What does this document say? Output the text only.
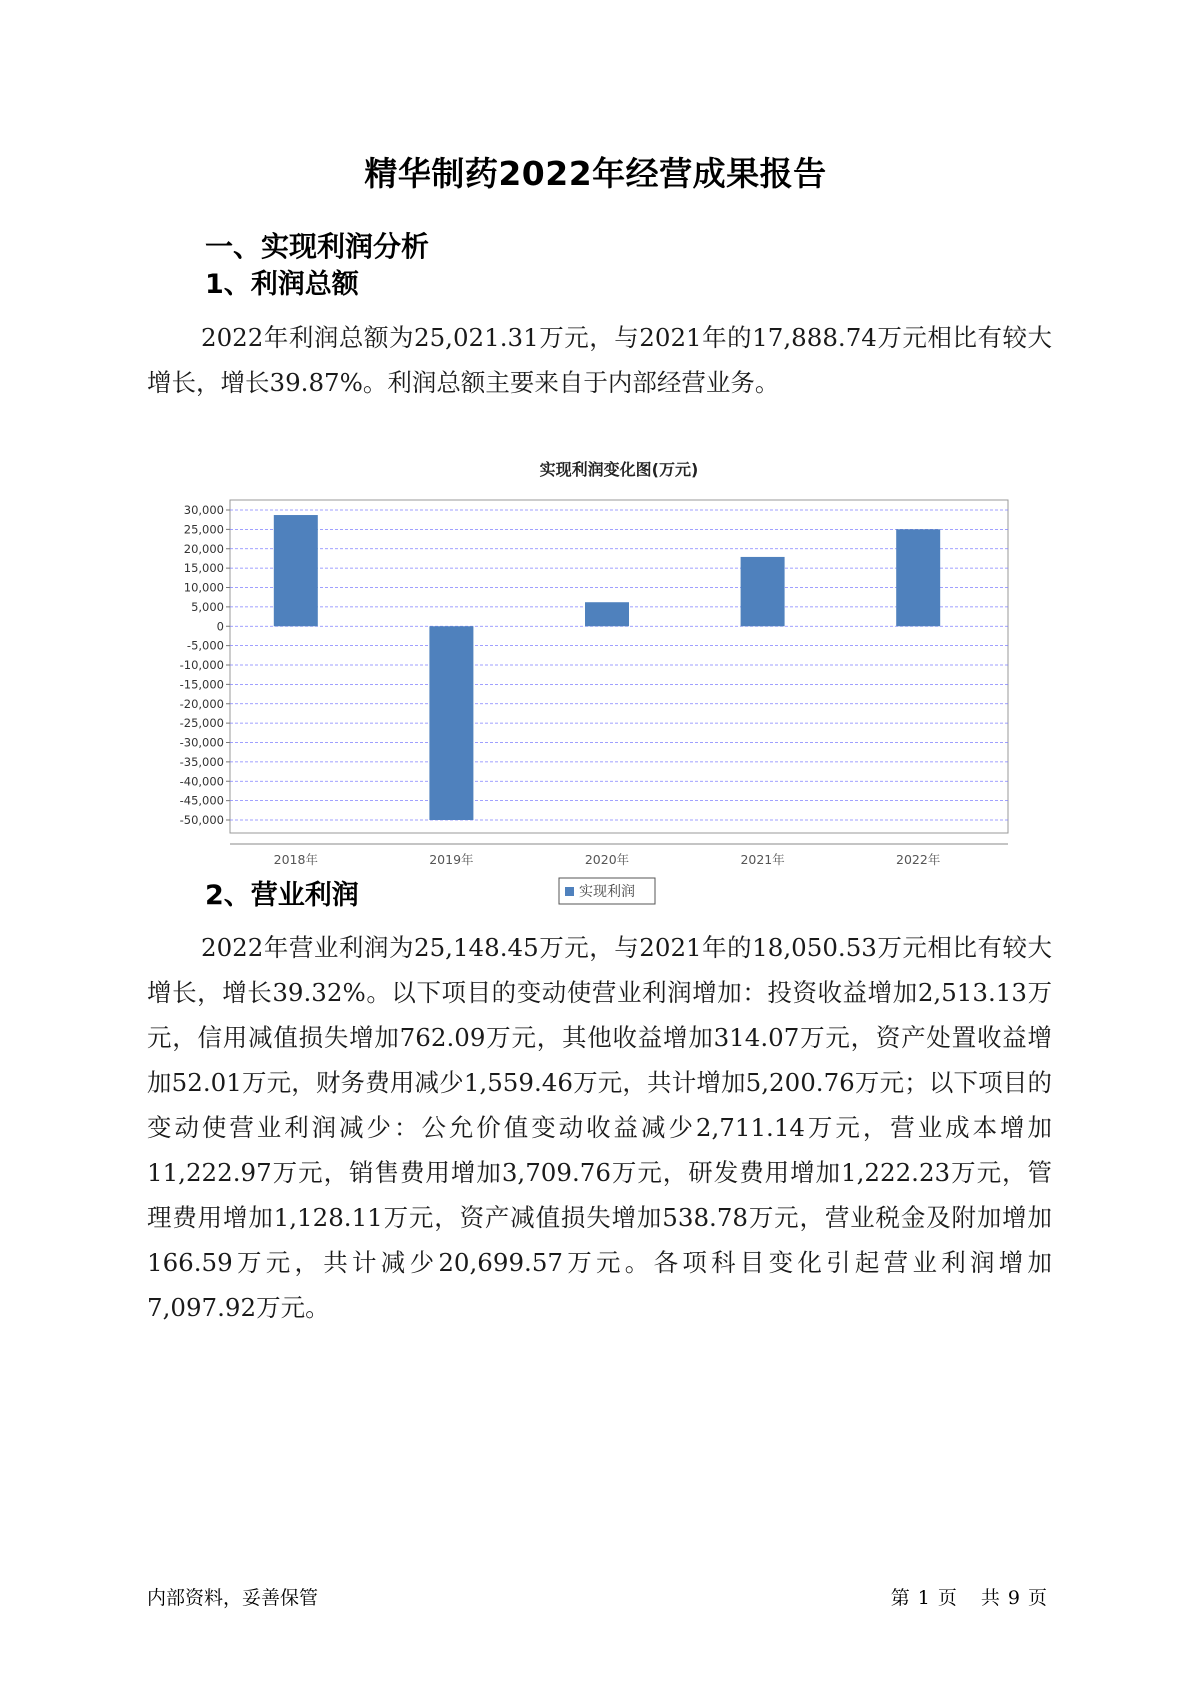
精华制药2022年经营成果报告
一、实现利润分析
1、利润总额
2022年利润总额为25,021.31万元，与2021年的17,888.74万元相比有较大增长，增长39.87%。利润总额主要来自于内部经营业务。
实现利润变化图(万元)
30,000
25,000
20,000
15,000
10,000
5,000
0
-5,000
-10,000
-15,000
-20,000
-25,000
-30,000
-35,000
-40,000
-45,000
-50,000
2018年	2019年	2020年	2021年	2022年
实现利润
2、营业利润
2022年营业利润为25,148.45万元，与2021年的18,050.53万元相比有较大增长，增长39.32%。以下项目的变动使营业利润增加：投资收益增加2,513.13万元，信用减值损失增加762.09万元，其他收益增加314.07万元，资产处置收益增加52.01万元，财务费用减少1,559.46万元，共计增加5,200.76万元；以下项目的变动使营业利润减少：公允价值变动收益减少2,711.14万元，营业成本增加11,222.97万元，销售费用增加3,709.76万元，研发费用增加1,222.23万元，管理费用增加1,128.11万元，资产减值损失增加538.78万元，营业税金及附加增加166.59万元，共计减少20,699.57万元。各项科目变化引起营业利润增加7,097.92万元。
内部资料，妥善保管	第 1 页 共 9 页
